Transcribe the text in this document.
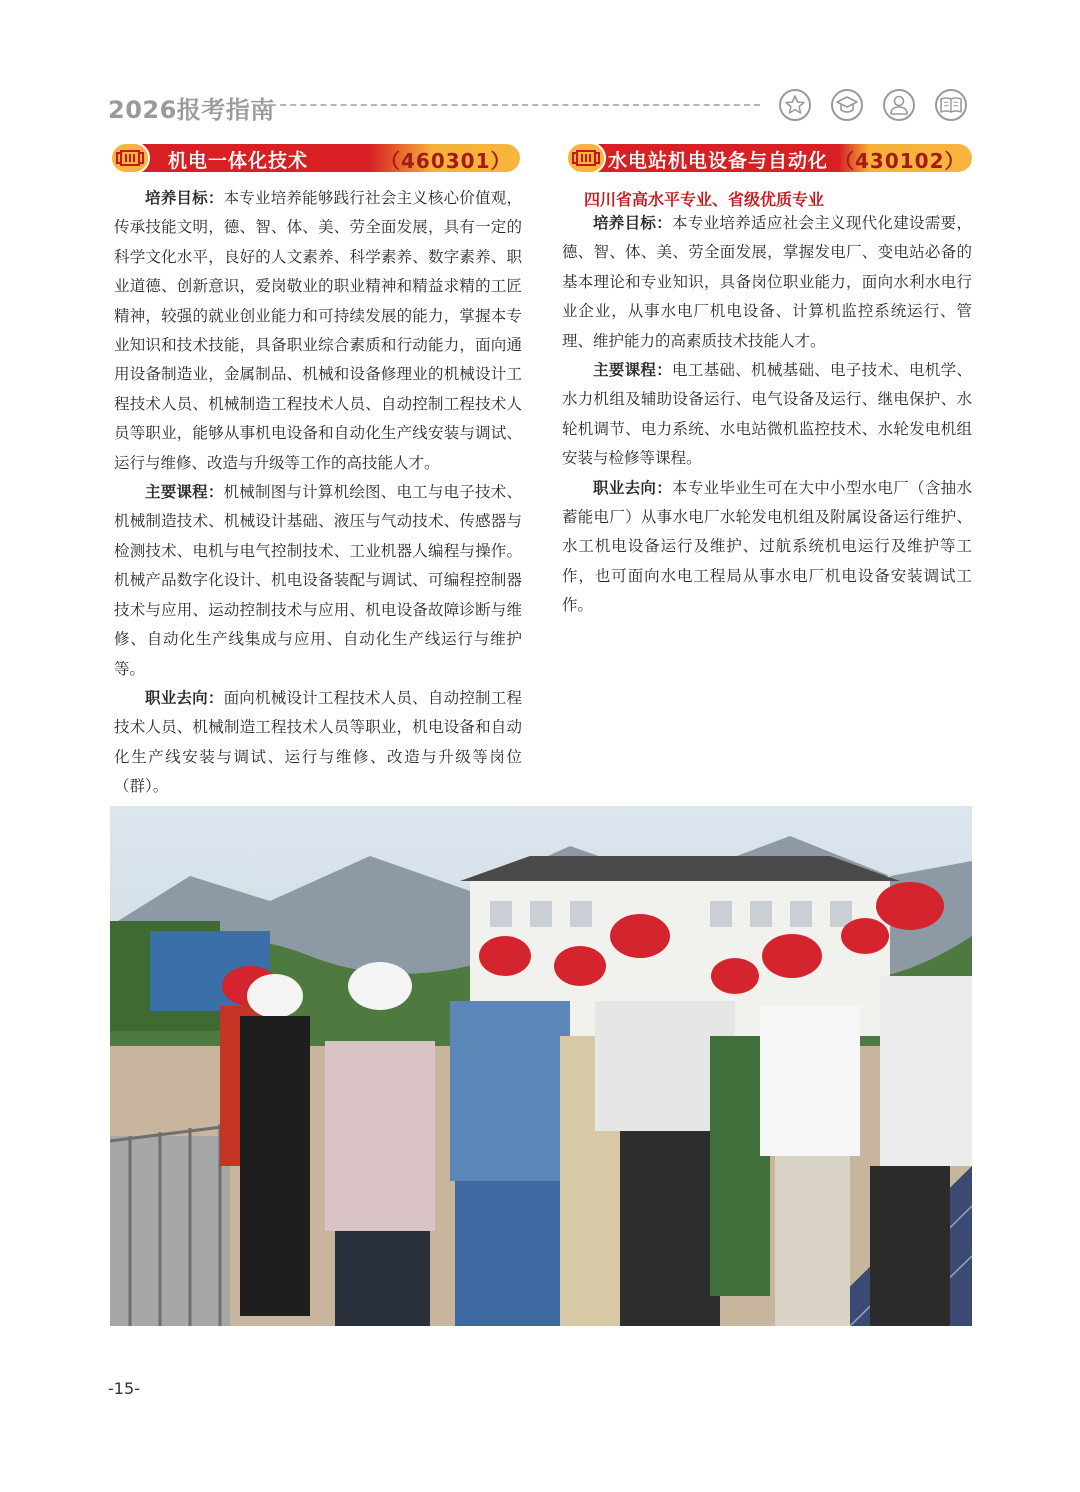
2026报考指南
机电一体化技术	（460301）	水电站机电设备与自动化 （430102）
四川省高水平专业、省级优质专业

培养目标：本专业培养能够践行社会主义核心价值观，传承技能文明，德、智、体、美、劳全面发展，具有一定的科学文化水平，良好的人文素养、科学素养、数字素养、职业道德、创新意识，爱岗敬业的职业精神和精益求精的工匠精神，较强的就业创业能力和可持续发展的能力，掌握本专业知识和技术技能，具备职业综合素质和行动能力，面向通用设备制造业，金属制品、机械和设备修理业的机械设计工程技术人员、机械制造工程技术人员、自动控制工程技术人员等职业，能够从事机电设备和自动化生产线安装与调试、运行与维修、改造与升级等工作的高技能人才。

主要课程：机械制图与计算机绘图、电工与电子技术、机械制造技术、机械设计基础、液压与气动技术、传感器与检测技术、电机与电气控制技术、工业机器人编程与操作。机械产品数字化设计、机电设备装配与调试、可编程控制器技术与应用、运动控制技术与应用、机电设备故障诊断与维修、自动化生产线集成与应用、自动化生产线运行与维护等。

职业去向：面向机械设计工程技术人员、自动控制工程技术人员、机械制造工程技术人员等职业，机电设备和自动化生产线安装与调试、运行与维修、改造与升级等岗位（群）。

培养目标：本专业培养适应社会主义现代化建设需要，德、智、体、美、劳全面发展，掌握发电厂、变电站必备的基本理论和专业知识，具备岗位职业能力，面向水利水电行业企业，从事水电厂机电设备、计算机监控系统运行、管理、维护能力的高素质技术技能人才。

主要课程：电工基础、机械基础、电子技术、电机学、水力机组及辅助设备运行、电气设备及运行、继电保护、水轮机调节、电力系统、水电站微机监控技术、水轮发电机组安装与检修等课程。

职业去向：本专业毕业生可在大中小型水电厂（含抽水蓄能电厂）从事水电厂水轮发电机组及附属设备运行维护、水工机电设备运行及维护、过航系统机电运行及维护等工作，也可面向水电工程局从事水电厂机电设备安装调试工作。

-15-
